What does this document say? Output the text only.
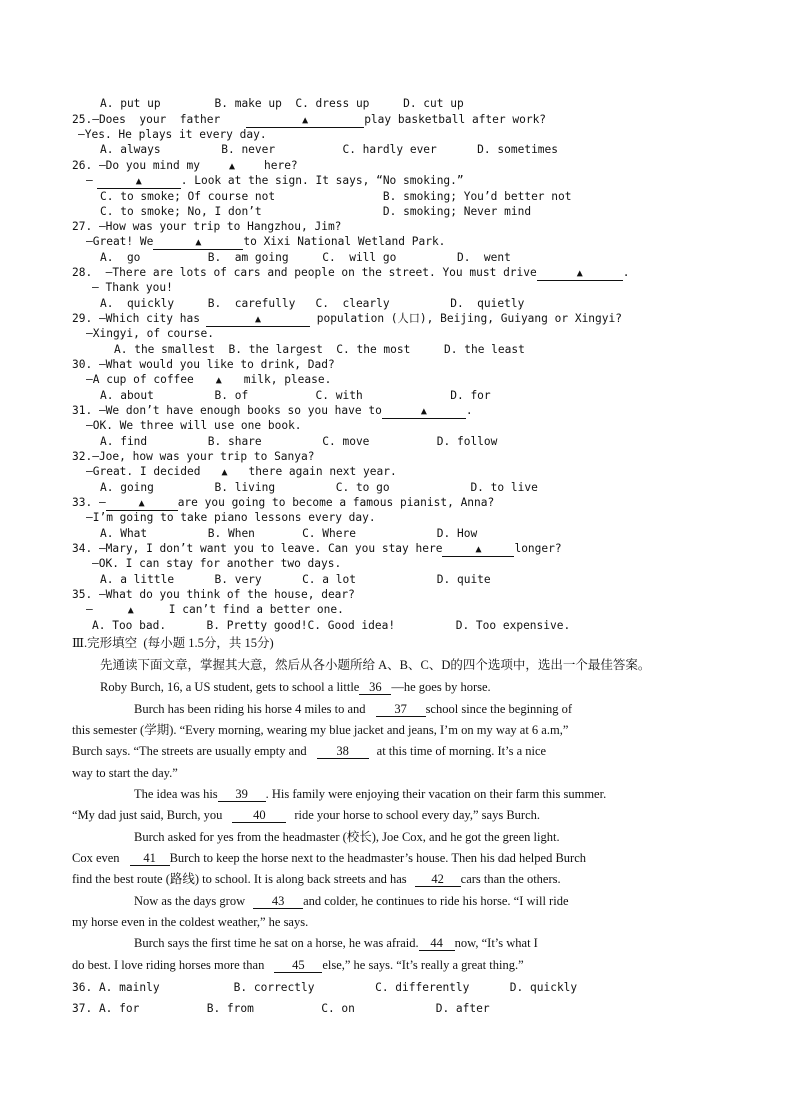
A. put up        B. make up  C. dress up     D. cut up
25.—Does  your  father	▲	play basketball after work?
—Yes. He plays it every day.
A. always         B. never          C. hardly ever      D. sometimes
26. —Do you mind my	▲	here?
—	▲	. Look at the sign. It says, “No smoking.”
C. to smoke; Of course not                B. smoking; You’d better not
C. to smoke; No, I don’t                  D. smoking; Never mind
27. —How was your trip to Hangzhou, Jim?
—Great! We	▲	to Xixi National Wetland Park.
A.  go          B.  am going     C.  will go         D.  went
28.  —There are lots of cars and people on the street. You must drive	▲	.
— Thank you!
A.  quickly     B.  carefully   C.  clearly         D.  quietly
29. —Which city has	▲	population (人口), Beijing, Guiyang or Xingyi?
—Xingyi, of course.
A. the smallest  B. the largest  C. the most     D. the least
30. —What would you like to drink, Dad?
—A cup of coffee ▲ milk, please.
A. about         B. of          C. with             D. for
31. —We don’t have enough books so you have to	▲	.
—OK. We three will use one book.
A. find         B. share         C. move          D. follow
32.—Joe, how was your trip to Sanya?
—Great. I decided ▲ there again next year.
A. going         B. living         C. to go            D. to live
33. —	▲	are you going to become a famous pianist, Anna?
—I’m going to take piano lessons every day.
A. What         B. When       C. Where            D. How
34. —Mary, I don’t want you to leave. Can you stay here	▲	longer?
—OK. I can stay for another two days.
A. a little      B. very      C. a lot            D. quite
35. —What do you think of the house, dear?
—	▲	I can’t find a better one.
A. Too bad.      B. Pretty good!C. Good idea!         D. Too expensive.
Ⅲ.完形填空  (每小题 1.5分，共 15分)
先通读下面文章，掌握其大意，然后从各小题所给 A、B、C、D的四个选项中，选出一个最佳答案。
Roby Burch, 16, a US student, gets to school a little 36 —he goes by horse.
Burch has been riding his horse 4 miles to and 37 school since the beginning of
this semester (学期). “Every morning, wearing my blue jacket and jeans, I’m on my way at 6 a.m,”
Burch says. “The streets are usually empty and 38 at this time of morning. It’s a nice
way to start the day.”
The idea was his 39 . His family were enjoying their vacation on their farm this summer.
“My dad just said, Burch, you 40 ride your horse to school every day,” says Burch.
Burch asked for yes from the headmaster (校长), Joe Cox, and he got the green light.
Cox even 41 Burch to keep the horse next to the headmaster’s house. Then his dad helped Burch
find the best route (路线) to school. It is along back streets and has 42 cars than the others.
Now as the days grow 43 and colder, he continues to ride his horse. “I will ride
my horse even in the coldest weather,” he says.
Burch says the first time he sat on a horse, he was afraid. 44 now, “It’s what I
do best. I love riding horses more than 45 else,” he says. “It’s really a great thing.”
36. A. mainly           B. correctly         C. differently      D. quickly
37. A. for          B. from          C. on            D. after
